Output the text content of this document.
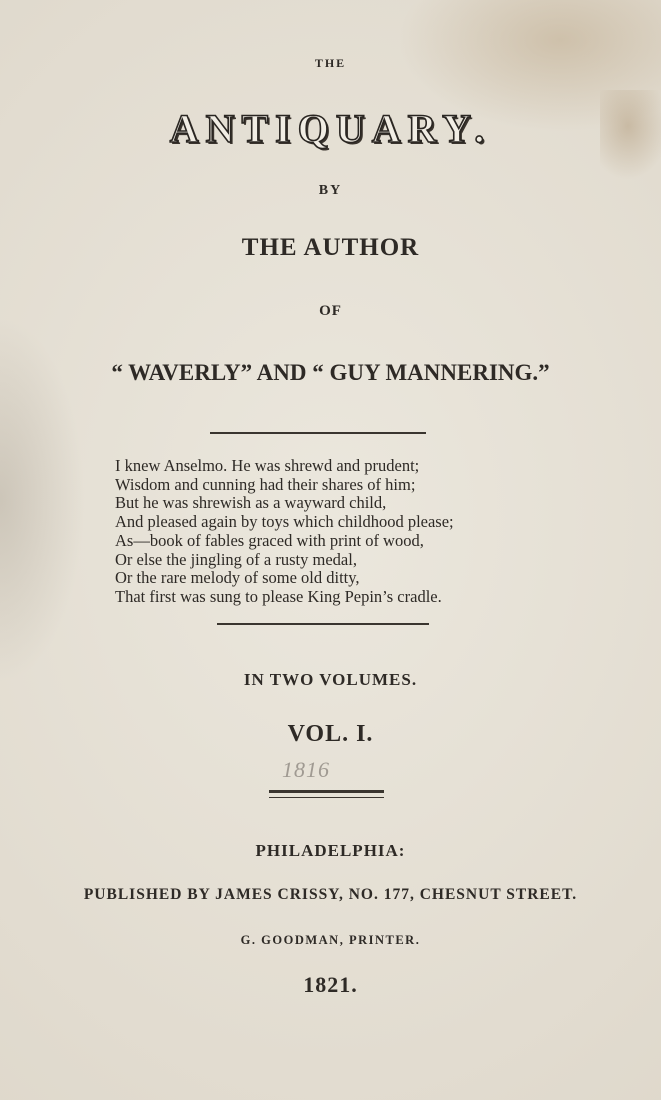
THE
ANTIQUARY.
BY
THE AUTHOR
OF
“ WAVERLY” AND “ GUY MANNERING.”
I knew Anselmo. He was shrewd and prudent;
Wisdom and cunning had their shares of him;
But he was shrewish as a wayward child,
And pleased again by toys which childhood please;
As—book of fables graced with print of wood,
Or else the jingling of a rusty medal,
Or the rare melody of some old ditty,
That first was sung to please King Pepin’s cradle.
IN TWO VOLUMES.
VOL. I.
1816
PHILADELPHIA:
PUBLISHED BY JAMES CRISSY, NO. 177, CHESNUT STREET.
G. GOODMAN, PRINTER.
1821.
